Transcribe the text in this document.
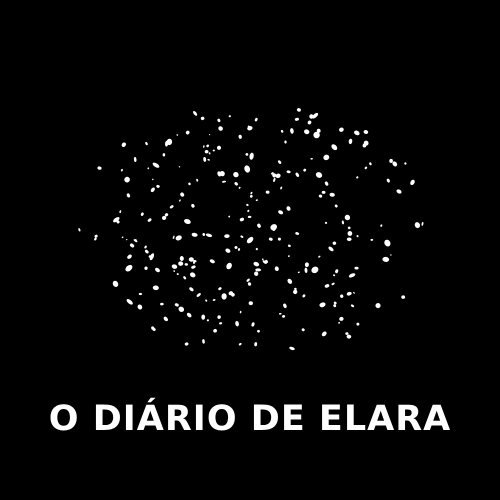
O DIÁRIO DE ELARA
